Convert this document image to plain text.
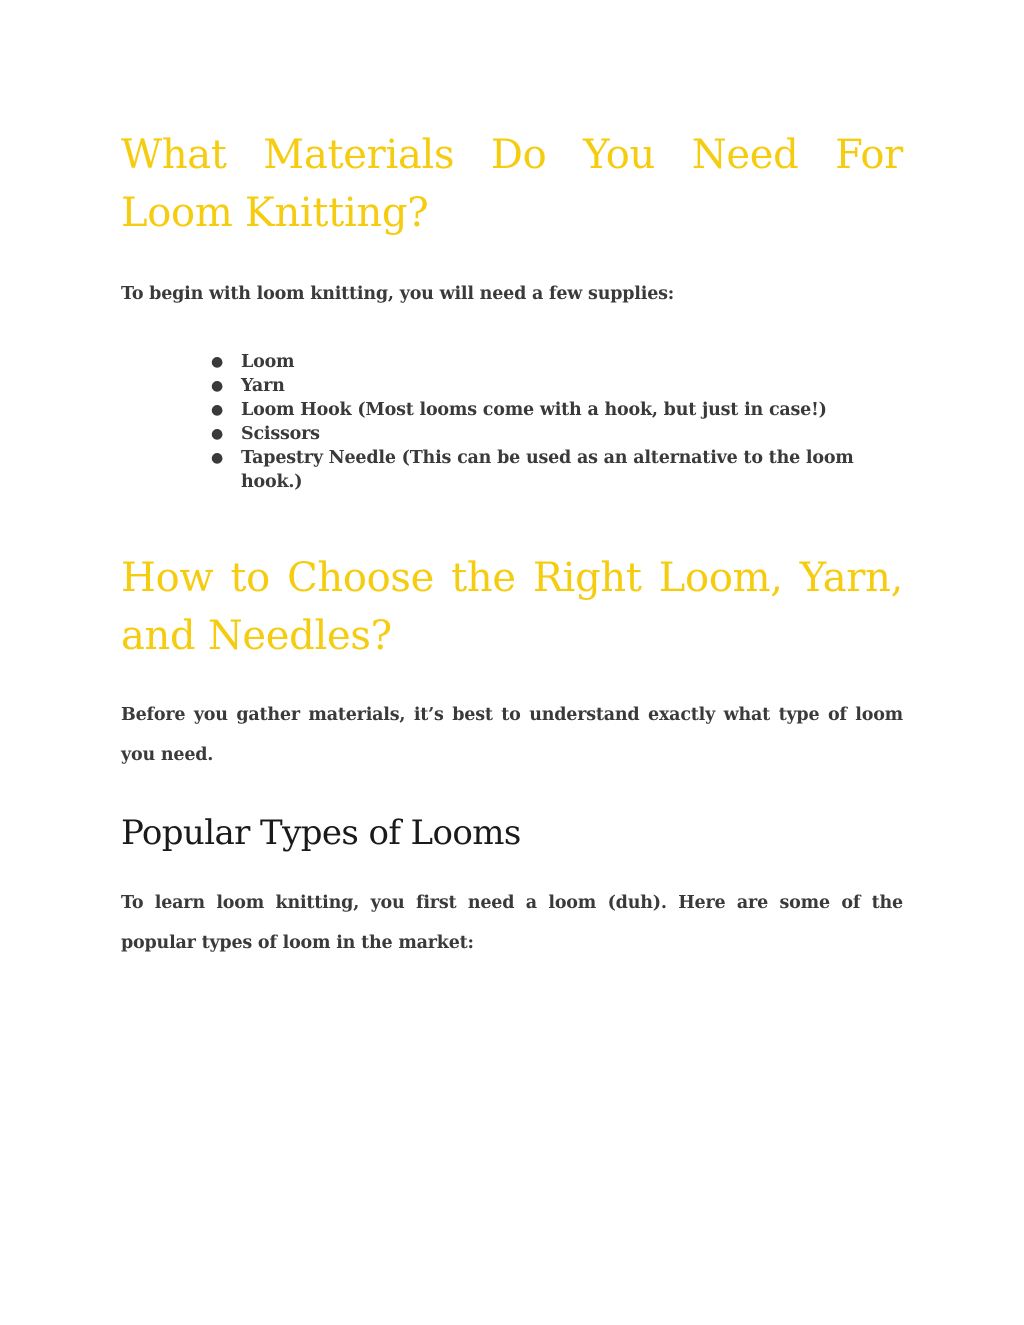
What Materials Do You Need For Loom Knitting?

To begin with loom knitting, you will need a few supplies:

● Loom
● Yarn
● Loom Hook (Most looms come with a hook, but just in case!)
● Scissors
● Tapestry Needle (This can be used as an alternative to the loom hook.)
How to Choose the Right Loom, Yarn, and Needles?

Before you gather materials, it’s best to understand exactly what type of loom you need.

Popular Types of Looms

To learn loom knitting, you first need a loom (duh). Here are some of the popular types of loom in the market:
